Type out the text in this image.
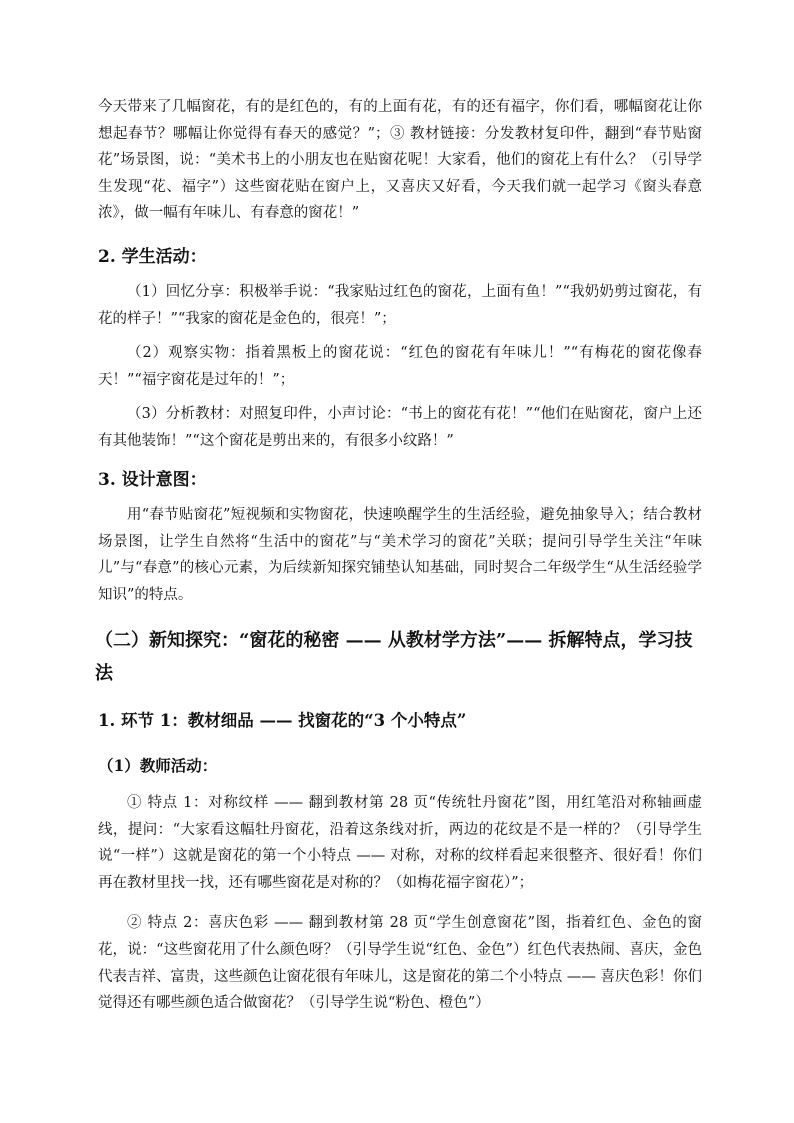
今天带来了几幅窗花，有的是红色的，有的上面有花，有的还有福字，你们看，哪幅窗花让你想起春节？哪幅让你觉得有春天的感觉？”；③ 教材链接：分发教材复印件，翻到“春节贴窗花”场景图，说：“美术书上的小朋友也在贴窗花呢！大家看，他们的窗花上有什么？（引导学生发现“花、福字”）这些窗花贴在窗户上，又喜庆又好看，今天我们就一起学习《窗头春意浓》，做一幅有年味儿、有春意的窗花！”

2. 学生活动：

（1）回忆分享：积极举手说：“我家贴过红色的窗花，上面有鱼！”“我奶奶剪过窗花，有花的样子！”“我家的窗花是金色的，很亮！”；

（2）观察实物：指着黑板上的窗花说：“红色的窗花有年味儿！”“有梅花的窗花像春天！”“福字窗花是过年的！”；

（3）分析教材：对照复印件，小声讨论：“书上的窗花有花！”“他们在贴窗花，窗户上还有其他装饰！”“这个窗花是剪出来的，有很多小纹路！”

3. 设计意图：

用“春节贴窗花”短视频和实物窗花，快速唤醒学生的生活经验，避免抽象导入；结合教材场景图，让学生自然将“生活中的窗花”与“美术学习的窗花”关联；提问引导学生关注“年味儿”与“春意”的核心元素，为后续新知探究铺垫认知基础，同时契合二年级学生“从生活经验学知识”的特点。

（二）新知探究：“窗花的秘密 —— 从教材学方法”—— 拆解特点，学习技法

1. 环节 1：教材细品 —— 找窗花的“3 个小特点”

（1）教师活动：

① 特点 1：对称纹样 —— 翻到教材第 28 页“传统牡丹窗花”图，用红笔沿对称轴画虚线，提问：“大家看这幅牡丹窗花，沿着这条线对折，两边的花纹是不是一样的？（引导学生说“一样”）这就是窗花的第一个小特点 —— 对称，对称的纹样看起来很整齐、很好看！你们再在教材里找一找，还有哪些窗花是对称的？（如梅花福字窗花）”；

② 特点 2：喜庆色彩 —— 翻到教材第 28 页“学生创意窗花”图，指着红色、金色的窗花，说：“这些窗花用了什么颜色呀？（引导学生说“红色、金色”）红色代表热闹、喜庆，金色代表吉祥、富贵，这些颜色让窗花很有年味儿，这是窗花的第二个小特点 —— 喜庆色彩！你们觉得还有哪些颜色适合做窗花？（引导学生说“粉色、橙色”）
